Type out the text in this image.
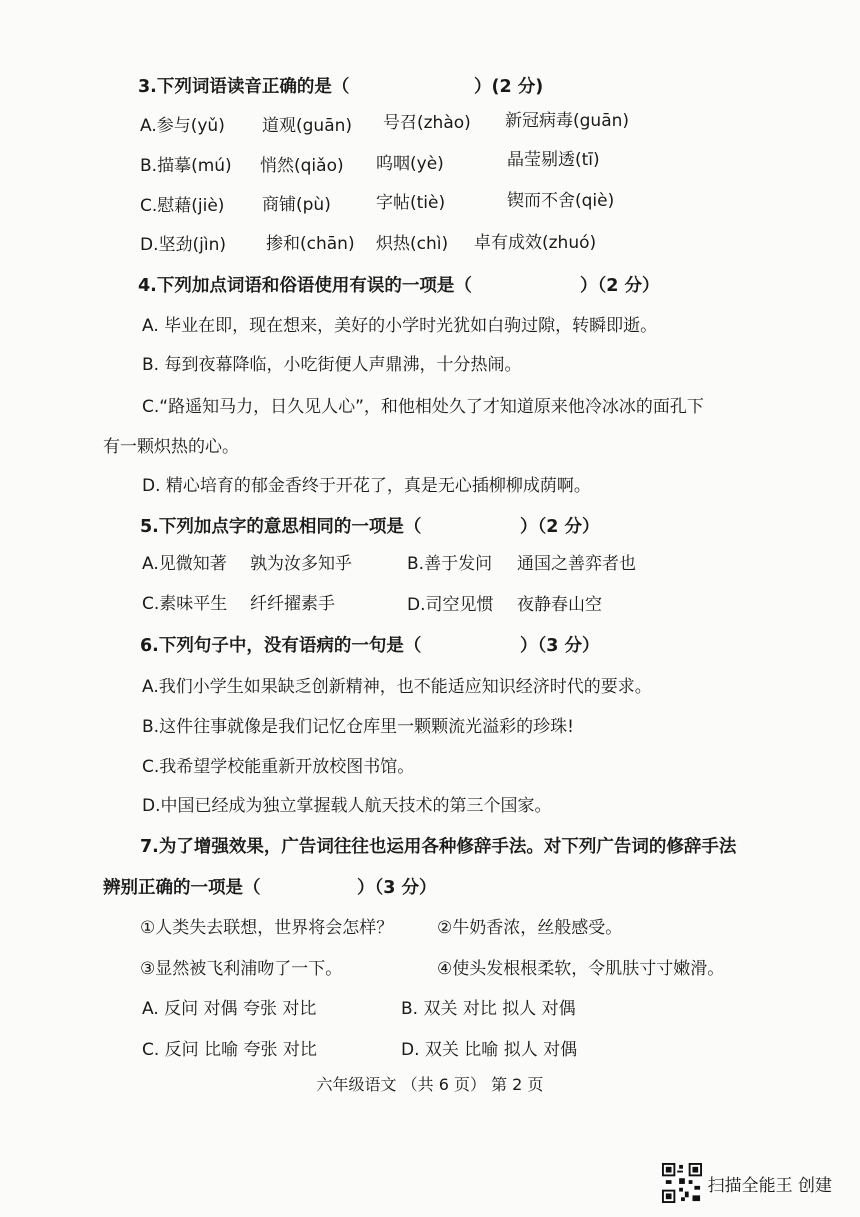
3.下列词语读音正确的是（	）(2 分)
A.参与(yǔ) 道观(guān) 号召(zhào) 新冠病毒(guān)
B.描摹(mú) 悄然(qiǎo) 呜咽(yè)	晶莹剔透(tī)
C.慰藉(jiè) 商铺(pù)	字帖(tiè)	锲而不舍(qiè)
D.坚劲(jìn) 掺和(chān) 炽热(chì) 卓有成效(zhuó)
4.下列加点词语和俗语使用有误的一项是（	）（2 分）
A. 毕业在即，现在想来，美好的小学时光犹如白驹过隙，转瞬即逝。
B. 每到夜幕降临，小吃街便人声鼎沸，十分热闹。
C.“路遥知马力，日久见人心”，和他相处久了才知道原来他冷冰冰的面孔下
有一颗炽热的心。
D. 精心培育的郁金香终于开花了，真是无心插柳柳成荫啊。
5.下列加点字的意思相同的一项是（	）（2 分）
A.见微知著 孰为汝多知乎	B.善于发问 通国之善弈者也
C.素味平生 纤纤擢素手	D.司空见惯 夜静春山空
6.下列句子中，没有语病的一句是（	）（3 分）
A.我们小学生如果缺乏创新精神，也不能适应知识经济时代的要求。
B.这件往事就像是我们记忆仓库里一颗颗流光溢彩的珍珠!
C.我希望学校能重新开放校图书馆。
D.中国已经成为独立掌握载人航天技术的第三个国家。
7.为了增强效果，广告词往往也运用各种修辞手法。对下列广告词的修辞手法
辨别正确的一项是（	）（3 分）
①人类失去联想，世界将会怎样？	②牛奶香浓，丝般感受。
③显然被飞利浦吻了一下。	④使头发根根柔软，令肌肤寸寸嫩滑。
A. 反问 对偶 夸张 对比	B. 双关 对比 拟人 对偶
C. 反问 比喻 夸张 对比	D. 双关 比喻 拟人 对偶
六年级语文 （共 6 页） 第 2 页
扫描全能王 创建
